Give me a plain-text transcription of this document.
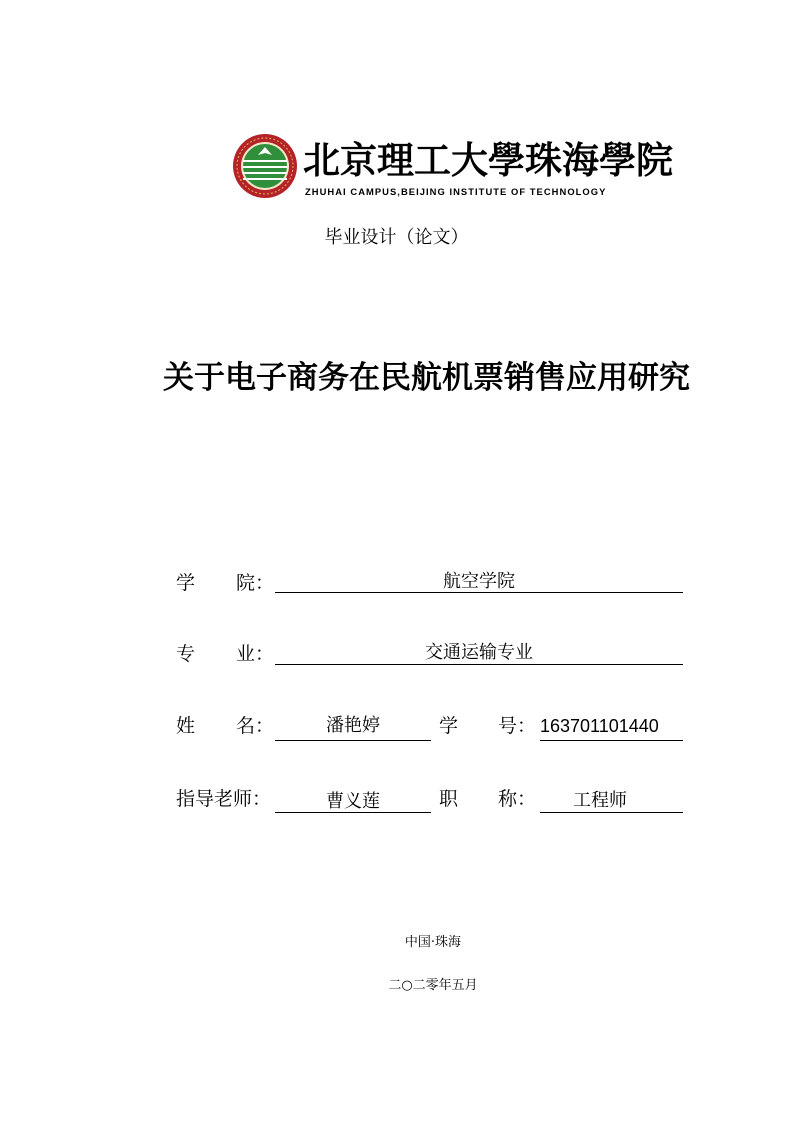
北京理工大學珠海學院
ZHUHAI CAMPUS,BEIJING INSTITUTE OF TECHNOLOGY
毕业设计（论文）
关于电子商务在民航机票销售应用研究
学 院：	航空学院
专 业：	交通运输专业
姓 名：	潘艳婷	学 号： 163701101440
指导老师：	曹义莲	职 称：	工程师
中国·珠海
二○二零年五月
